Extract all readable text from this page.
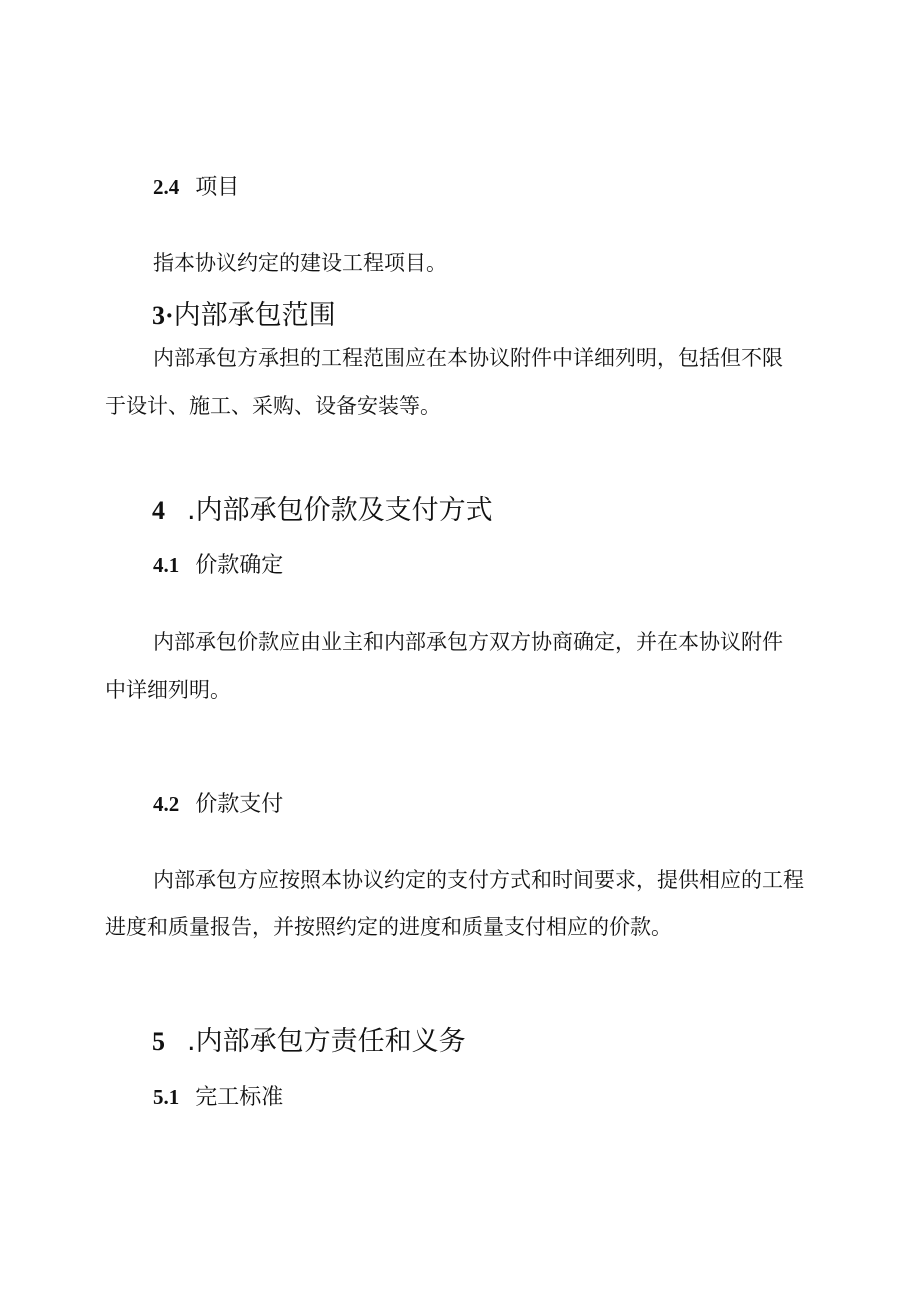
2.4 项目
指本协议约定的建设工程项目。
3·内部承包范围
内部承包方承担的工程范围应在本协议附件中详细列明，包括但不限
于设计、施工、采购、设备安装等。
4 .内部承包价款及支付方式
4.1 价款确定
内部承包价款应由业主和内部承包方双方协商确定，并在本协议附件
中详细列明。
4.2 价款支付
内部承包方应按照本协议约定的支付方式和时间要求，提供相应的工程
进度和质量报告，并按照约定的进度和质量支付相应的价款。
5 .内部承包方责任和义务
5.1 完工标准
